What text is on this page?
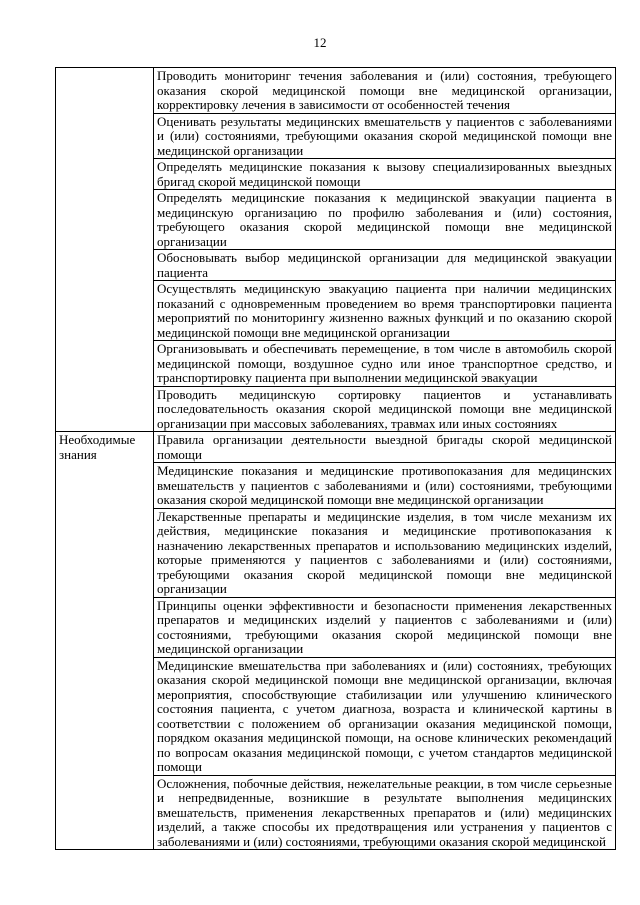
12
	Проводить мониторинг течения заболевания и (или) состояния, требующего оказания скорой медицинской помощи вне медицинской организации, корректировку лечения в зависимости от особенностей течения
	Оценивать результаты медицинских вмешательств у пациентов с заболеваниями и (или) состояниями, требующими оказания скорой медицинской помощи вне медицинской организации
	Определять медицинские показания к вызову специализированных выездных бригад скорой медицинской помощи
	Определять медицинские показания к медицинской эвакуации пациента в медицинскую организацию по профилю заболевания и (или) состояния, требующего оказания скорой медицинской помощи вне медицинской организации
	Обосновывать выбор медицинской организации для медицинской эвакуации пациента
	Осуществлять медицинскую эвакуацию пациента при наличии медицинских показаний с одновременным проведением во время транспортировки пациента мероприятий по мониторингу жизненно важных функций и по оказанию скорой медицинской помощи вне медицинской организации
	Организовывать и обеспечивать перемещение, в том числе в автомобиль скорой медицинской помощи, воздушное судно или иное транспортное средство, и транспортировку пациента при выполнении медицинской эвакуации
	Проводить медицинскую сортировку пациентов и устанавливать последовательность оказания скорой медицинской помощи вне медицинской организации при массовых заболеваниях, травмах или иных состояниях
Необходимые знания	Правила организации деятельности выездной бригады скорой медицинской помощи
	Медицинские показания и медицинские противопоказания для медицинских вмешательств у пациентов с заболеваниями и (или) состояниями, требующими оказания скорой медицинской помощи вне медицинской организации
	Лекарственные препараты и медицинские изделия, в том числе механизм их действия, медицинские показания и медицинские противопоказания к назначению лекарственных препаратов и использованию медицинских изделий, которые применяются у пациентов с заболеваниями и (или) состояниями, требующими оказания скорой медицинской помощи вне медицинской организации
	Принципы оценки эффективности и безопасности применения лекарственных препаратов и медицинских изделий у пациентов с заболеваниями и (или) состояниями, требующими оказания скорой медицинской помощи вне медицинской организации
	Медицинские вмешательства при заболеваниях и (или) состояниях, требующих оказания скорой медицинской помощи вне медицинской организации, включая мероприятия, способствующие стабилизации или улучшению клинического состояния пациента, с учетом диагноза, возраста и клинической картины в соответствии с положением об организации оказания медицинской помощи, порядком оказания медицинской помощи, на основе клинических рекомендаций по вопросам оказания медицинской помощи, с учетом стандартов медицинской помощи
	Осложнения, побочные действия, нежелательные реакции, в том числе серьезные и непредвиденные, возникшие в результате выполнения медицинских вмешательств, применения лекарственных препаратов и (или) медицинских изделий, а также способы их предотвращения или устранения у пациентов с заболеваниями и (или) состояниями, требующими оказания скорой медицинской
